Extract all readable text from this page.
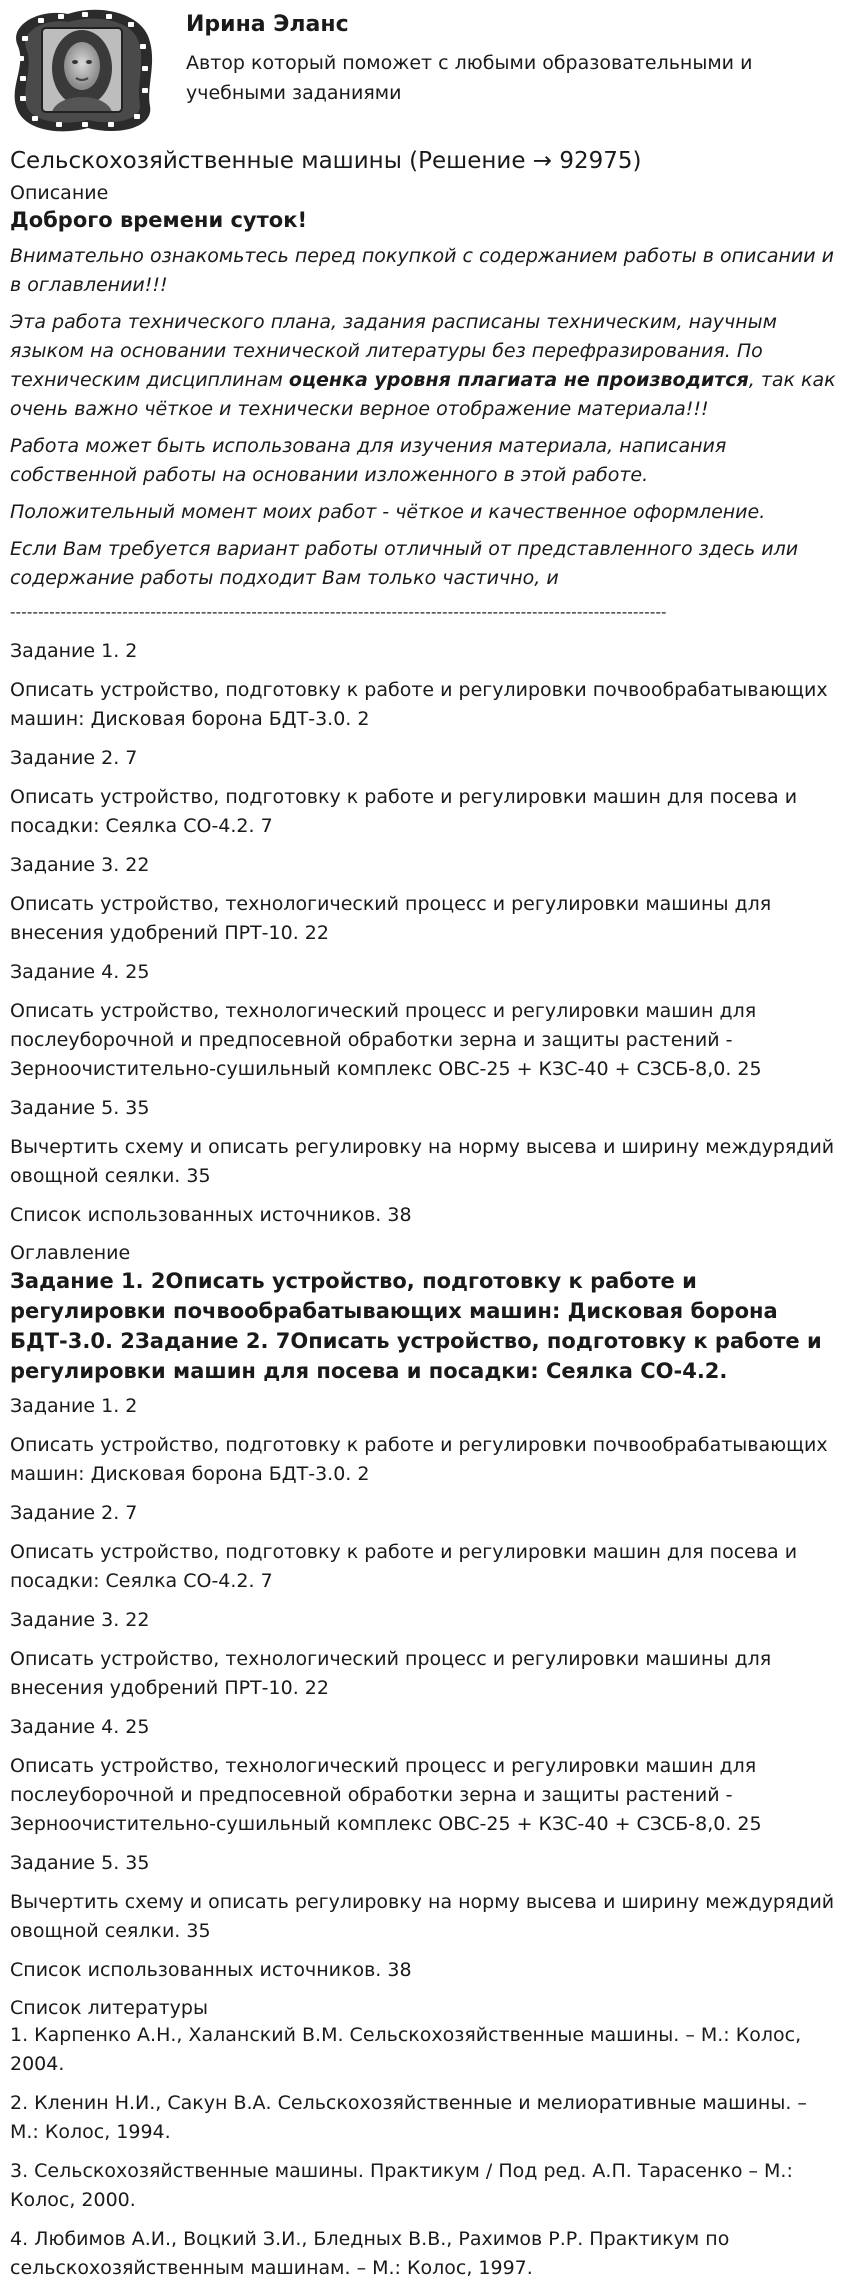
Ирина Эланс
Автор который поможет с любыми образовательными и учебными заданиями
Сельскохозяйственные машины (Решение → 92975)
Описание
Доброго времени суток!

Внимательно ознакомьтесь перед покупкой с содержанием работы в описании и в оглавлении!!!

Эта работа технического плана, задания расписаны техническим, научным языком на основании технической литературы без перефразирования. По техническим дисциплинам оценка уровня плагиата не производится, так как очень важно чёткое и технически верное отображение материала!!!

Работа может быть использована для изучения материала, написания собственной работы на основании изложенного в этой работе.

Положительный момент моих работ - чёткое и качественное оформление.

Если Вам требуется вариант работы отличный от представленного здесь или содержание работы подходит Вам только частично, и

---------------------------------------------------------------------------------------------------------------------

Задание 1. 2

Описать устройство, подготовку к работе и регулировки почвообрабатывающих машин: Дисковая борона БДТ-3.0. 2

Задание 2. 7

Описать устройство, подготовку к работе и регулировки машин для посева и посадки: Сеялка СО-4.2. 7

Задание 3. 22

Описать устройство, технологический процесс и регулировки машины для внесения удобрений ПРТ-10. 22

Задание 4. 25

Описать устройство, технологический процесс и регулировки машин для послеуборочной и предпосевной обработки зерна и защиты растений - Зерноочистительно-сушильный комплекс ОВС-25 + КЗС-40 + СЗСБ-8,0. 25

Задание 5. 35

Вычертить схему и описать регулировку на норму высева и ширину междурядий овощной сеялки. 35

Список использованных источников. 38

Оглавление
Задание 1. 2Описать устройство, подготовку к работе и регулировки почвообрабатывающих машин: Дисковая борона БДТ-3.0. 2Задание 2. 7Описать устройство, подготовку к работе и регулировки машин для посева и посадки: Сеялка СО-4.2.

Задание 1. 2

Описать устройство, подготовку к работе и регулировки почвообрабатывающих машин: Дисковая борона БДТ-3.0. 2

Задание 2. 7

Описать устройство, подготовку к работе и регулировки машин для посева и посадки: Сеялка СО-4.2. 7

Задание 3. 22

Описать устройство, технологический процесс и регулировки машины для внесения удобрений ПРТ-10. 22

Задание 4. 25

Описать устройство, технологический процесс и регулировки машин для послеуборочной и предпосевной обработки зерна и защиты растений - Зерноочистительно-сушильный комплекс ОВС-25 + КЗС-40 + СЗСБ-8,0. 25

Задание 5. 35

Вычертить схему и описать регулировку на норму высева и ширину междурядий овощной сеялки. 35

Список использованных источников. 38

Список литературы

1. Карпенко А.Н., Халанский В.М. Сельскохозяйственные машины. – М.: Колос, 2004.

2. Кленин Н.И., Сакун В.А. Сельскохозяйственные и мелиоративные машины. – М.: Колос, 1994.

3. Сельскохозяйственные машины. Практикум / Под ред. А.П. Тарасенко – М.: Колос, 2000.

4. Любимов А.И., Воцкий З.И., Бледных В.В., Рахимов Р.Р. Практикум по сельскохозяйственным машинам. – М.: Колос, 1997.
